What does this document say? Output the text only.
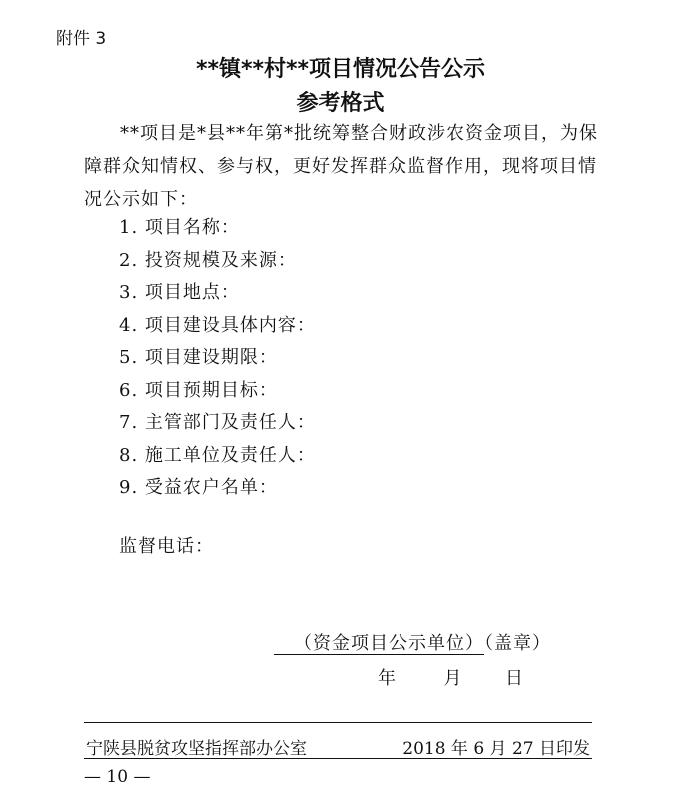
附件 3
**镇**村**项目情况公告公示
参考格式
**项目是*县**年第*批统筹整合财政涉农资金项目，为保障群众知情权、参与权，更好发挥群众监督作用，现将项目情况公示如下：
1. 项目名称：
2. 投资规模及来源：
3. 项目地点：
4. 项目建设具体内容：
5. 项目建设期限：
6. 项目预期目标：
7. 主管部门及责任人：
8. 施工单位及责任人：
9. 受益农户名单：
监督电话：
（资金项目公示单位）（盖章）
年	月 日
宁陕县脱贫攻坚指挥部办公室	2018 年 6 月 27 日印发
— 10 —
